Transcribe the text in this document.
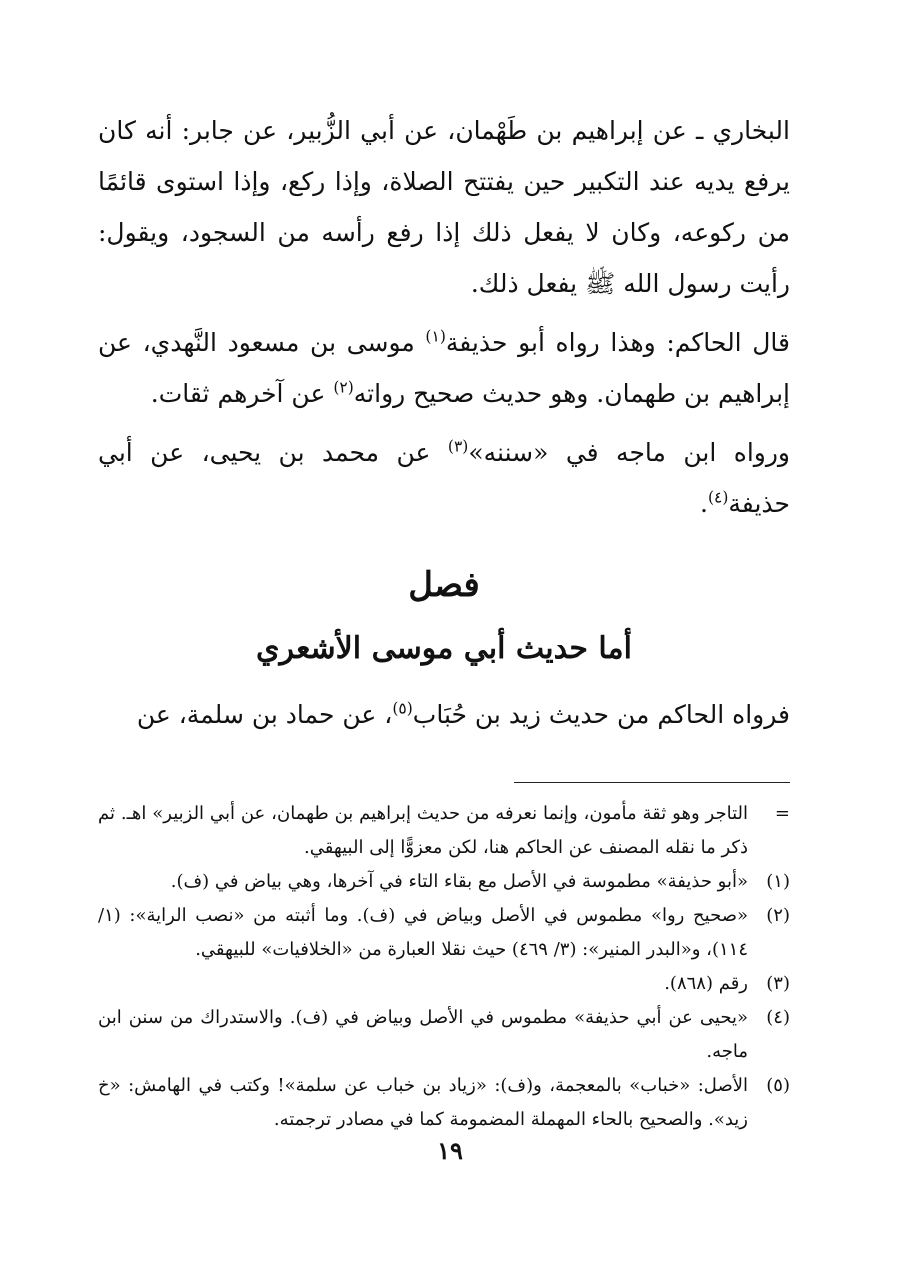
البخاري ـ عن إبراهيم بن طَهْمان، عن أبي الزُّبير، عن جابر: أنه كان يرفع يديه عند التكبير حين يفتتح الصلاة، وإذا ركع، وإذا استوى قائمًا من ركوعه، وكان لا يفعل ذلك إذا رفع رأسه من السجود، ويقول: رأيت رسول الله ﷺ يفعل ذلك.

قال الحاكم: وهذا رواه أبو حذيفة$^{(١)}$ موسى بن مسعود النَّهدي، عن إبراهيم بن طهمان. وهو حديث صحيح رواته$^{(٢)}$ عن آخرهم ثقات.

ورواه ابن ماجه في «سننه»$^{(٣)}$ عن محمد بن يحيى، عن أبي حذيفة$^{(٤)}$.

فصل
أما حديث أبي موسى الأشعري

فرواه الحاكم من حديث زيد بن حُبَاب$^{(٥)}$، عن حماد بن سلمة، عن

=
التاجر وهو ثقة مأمون، وإنما نعرفه من حديث إبراهيم بن طهمان، عن أبي الزبير» اهـ. ثم ذكر ما نقله المصنف عن الحاكم هنا، لكن معزوًّا إلى البيهقي.
(١)
«أبو حذيفة» مطموسة في الأصل مع بقاء التاء في آخرها، وهي بياض في (ف).
(٢)
«صحيح روا» مطموس في الأصل وبياض في (ف). وما أثبته من «نصب الراية»: (١/ ١١٤)، و«البدر المنير»: (٣/ ٤٦٩) حيث نقلا العبارة من «الخلافيات» للبيهقي.
(٣)
رقم (٨٦٨).
(٤)
«يحيى عن أبي حذيفة» مطموس في الأصل وبياض في (ف). والاستدراك من سنن ابن ماجه.
(٥)
الأصل: «خباب» بالمعجمة، و(ف): «زياد بن خباب عن سلمة»! وكتب في الهامش: «خ زيد». والصحيح بالحاء المهملة المضمومة كما في مصادر ترجمته.
١٩
